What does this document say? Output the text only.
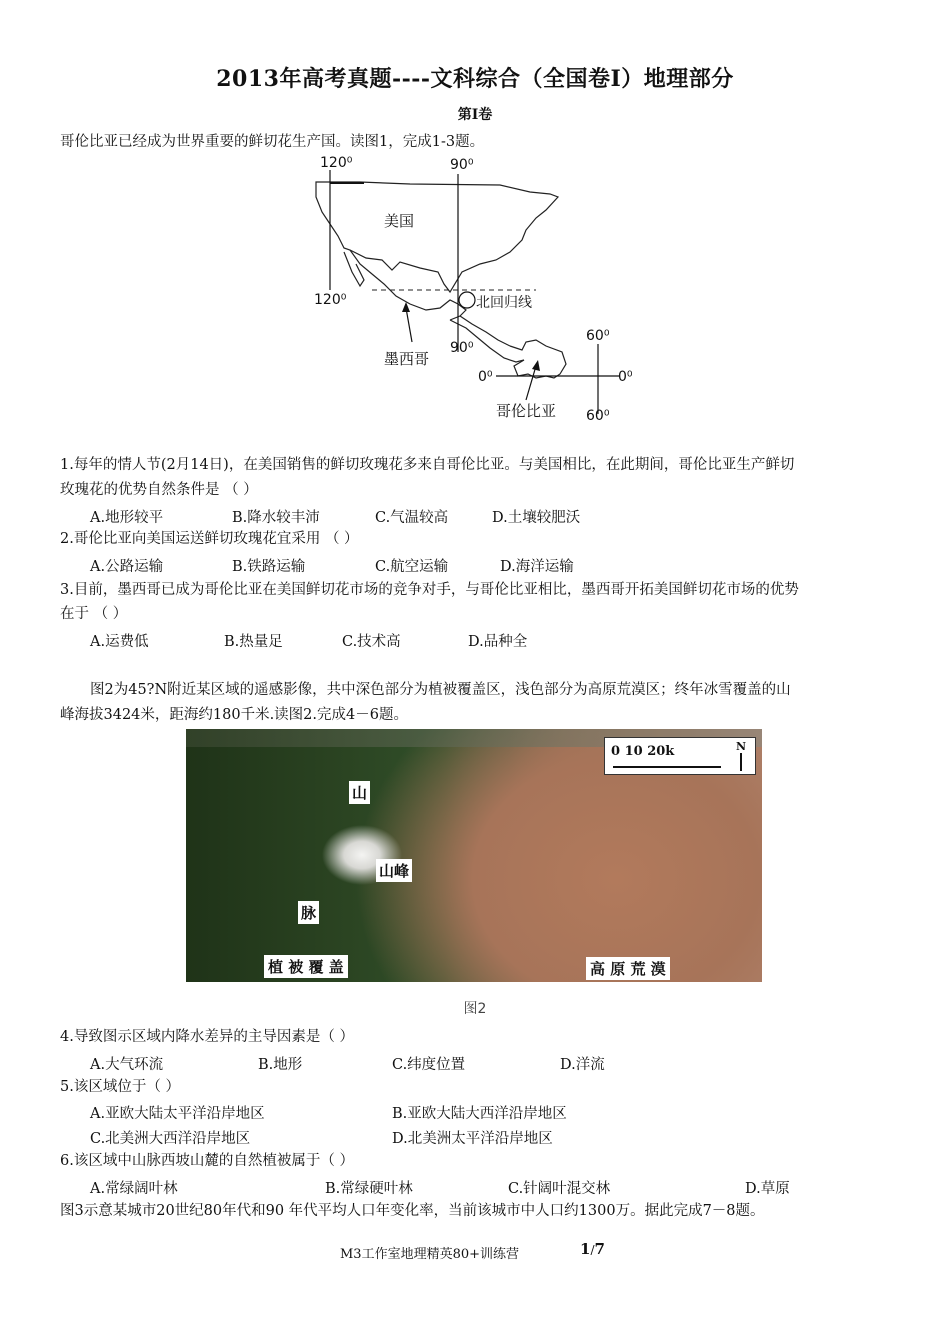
2013年高考真题----文科综合（全国卷Ⅰ）地理部分
第Ⅰ卷
哥伦比亚已经成为世界重要的鲜切花生产国。读图1，完成1-3题。
120⁰	90⁰
美国
120⁰	北回归线
60⁰
90⁰
墨西哥
0⁰	0⁰
哥伦比亚 60⁰
1.每年的情人节(2月14日)，在美国销售的鲜切玫瑰花多来自哥伦比亚。与美国相比，在此期间，哥伦比亚生产鲜切
玫瑰花的优势自然条件是 （ ）
A.地形较平	B.降水较丰沛	C.气温较高	D.土壤较肥沃
2.哥伦比亚向美国运送鲜切玫瑰花宜采用 （ ）
A.公路运输	B.铁路运输	C.航空运输	D.海洋运输
3.目前，墨西哥已成为哥伦比亚在美国鲜切花市场的竞争对手，与哥伦比亚相比，墨西哥开拓美国鲜切花市场的优势
在于 （ ）
A.运费低	B.热量足	C.技术高	D.品种全
图2为45?N附近某区域的遥感影像，共中深色部分为植被覆盖区，浅色部分为高原荒漠区；终年冰雪覆盖的山
峰海拔3424米，距海约180千米.读图2.完成4－6题。
0 10 20k	N
山
山峰
脉
植 被 覆 盖	高 原 荒 漠
图2
4.导致图示区域内降水差异的主导因素是（ ）
A.大气环流	B.地形	C.纬度位置	D.洋流
5.该区域位于（ ）
A.亚欧大陆太平洋沿岸地区	B.亚欧大陆大西洋沿岸地区
C.北美洲大西洋沿岸地区	D.北美洲太平洋沿岸地区
6.该区域中山脉西坡山麓的自然植被属于（ ）
A.常绿阔叶林	B.常绿硬叶林	C.针阔叶混交林	D.草原
图3示意某城市20世纪80年代和90 年代平均人口年变化率，当前该城市中人口约1300万。据此完成7－8题。
M3工作室地理精英80+训练营	1/7
